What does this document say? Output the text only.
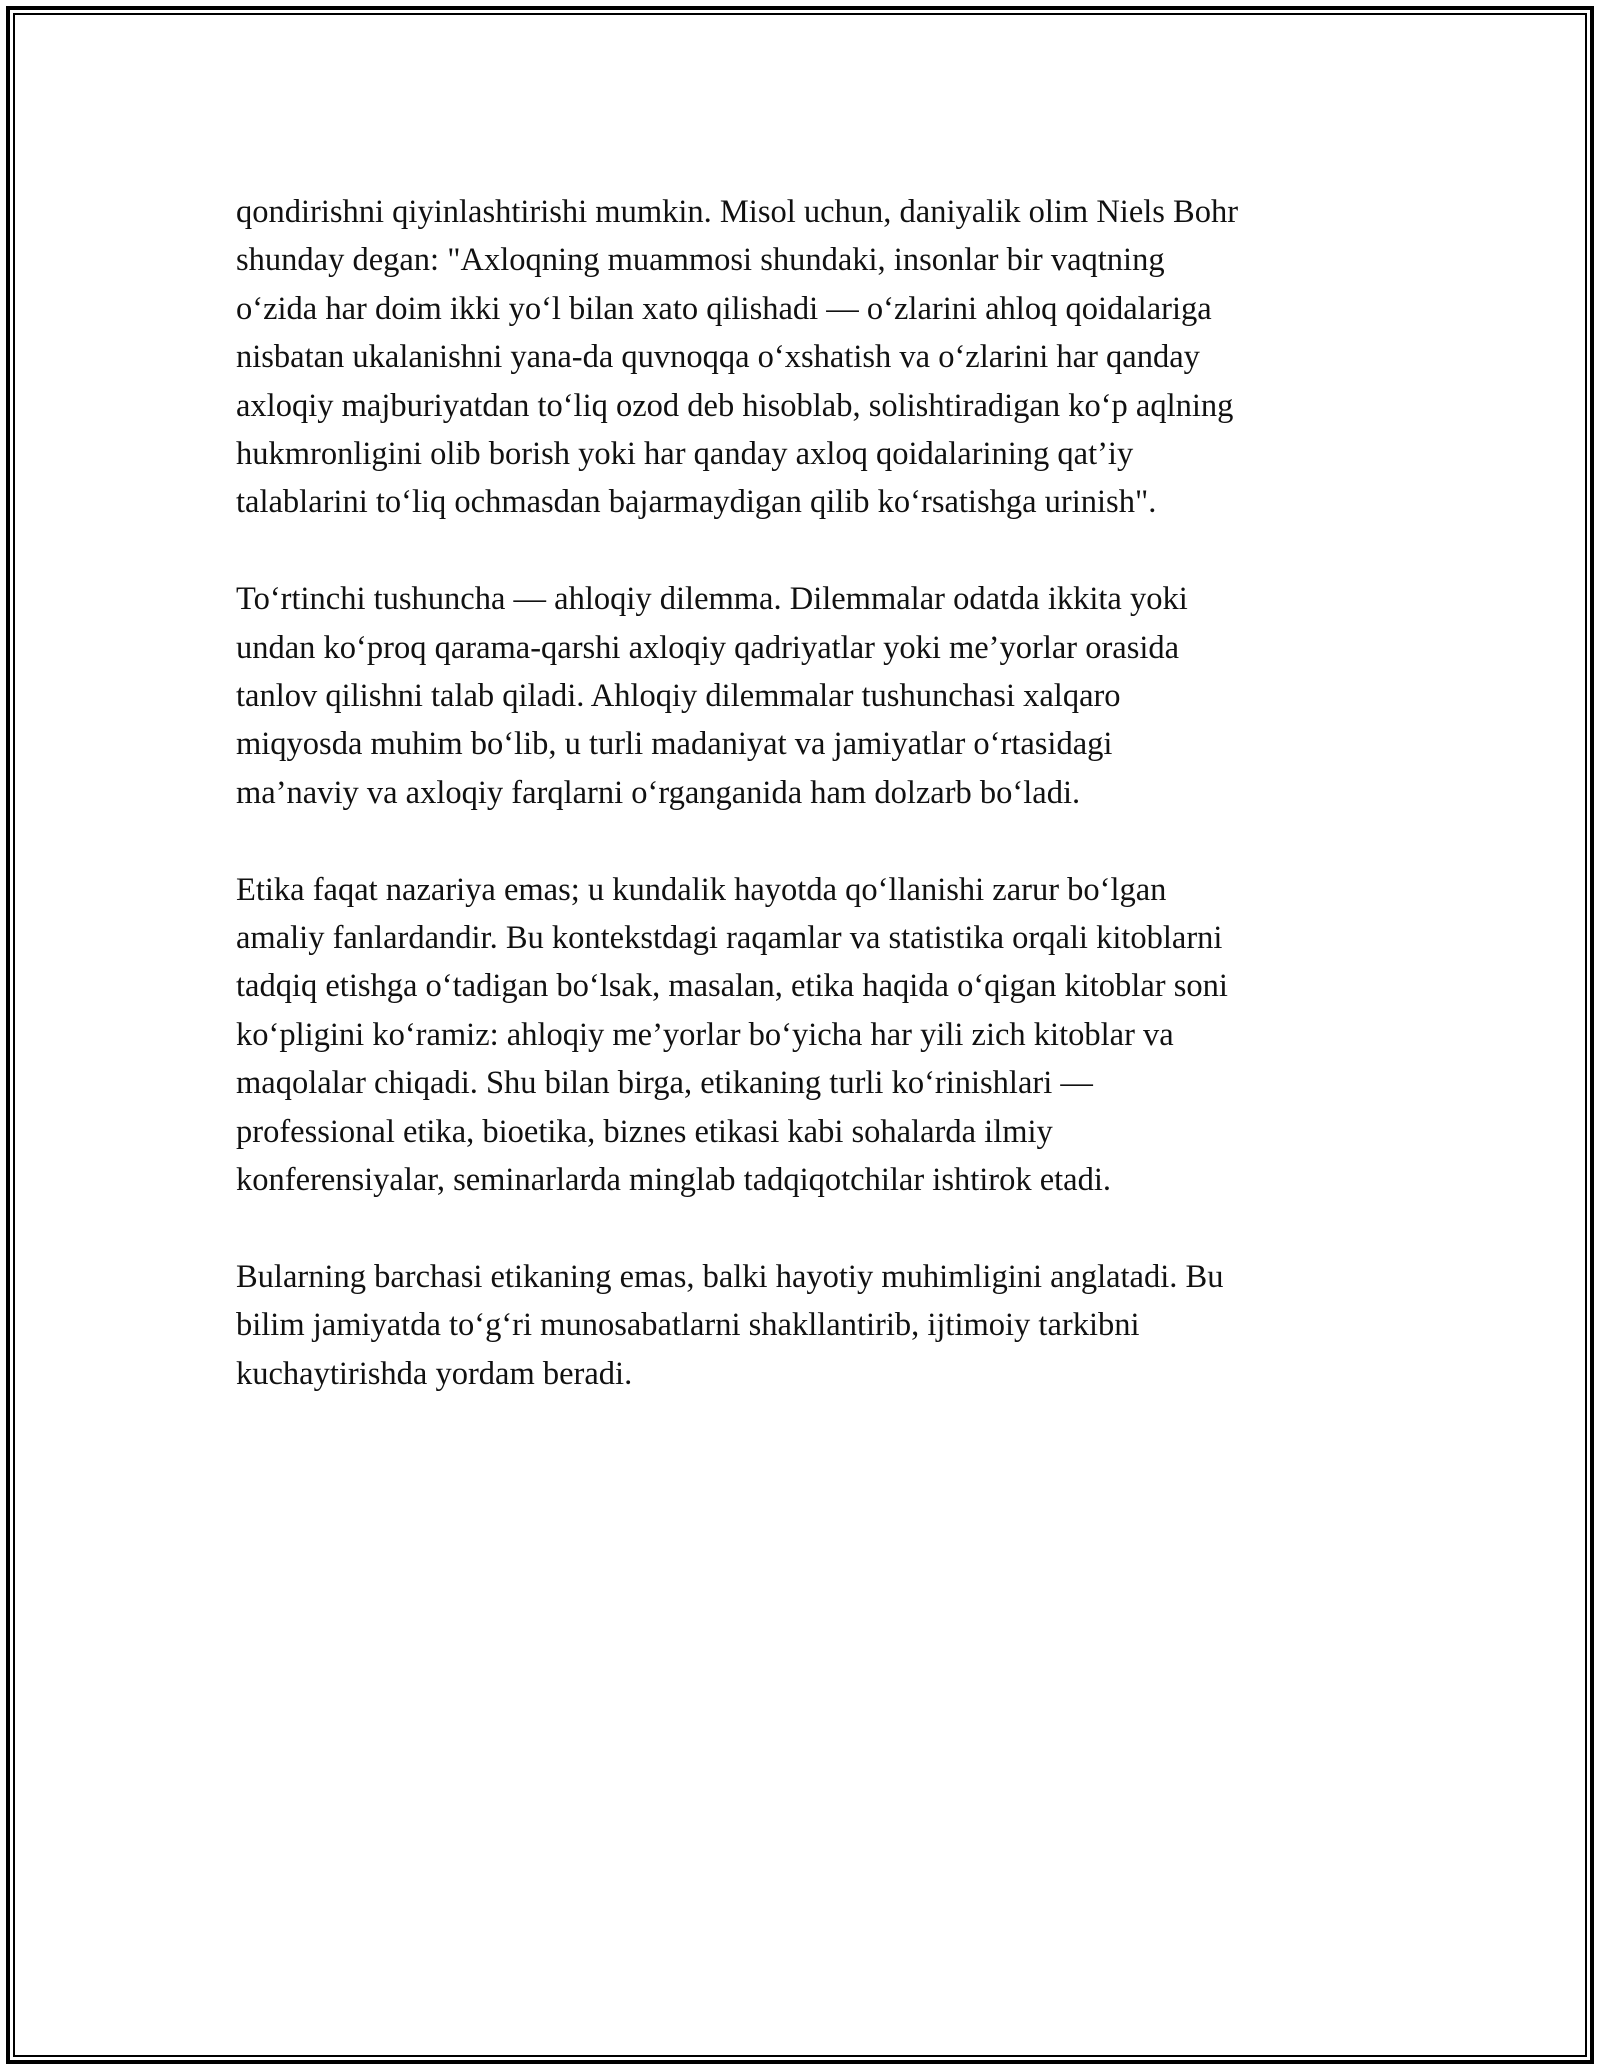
qondirishni qiyinlashtirishi mumkin. Misol uchun, daniyalik olim Niels Bohr
shunday degan: "Axloqning muammosi shundaki, insonlar bir vaqtning
o‘zida har doim ikki yo‘l bilan xato qilishadi — o‘zlarini ahloq qoidalariga
nisbatan ukalanishni yana-da quvnoqqa o‘xshatish va o‘zlarini har qanday
axloqiy majburiyatdan to‘liq ozod deb hisoblab, solishtiradigan ko‘p aqlning
hukmronligini olib borish yoki har qanday axloq qoidalarining qat’iy
talablarini to‘liq ochmasdan bajarmaydigan qilib ko‘rsatishga urinish".

To‘rtinchi tushuncha — ahloqiy dilemma. Dilemmalar odatda ikkita yoki
undan ko‘proq qarama-qarshi axloqiy qadriyatlar yoki me’yorlar orasida
tanlov qilishni talab qiladi. Ahloqiy dilemmalar tushunchasi xalqaro
miqyosda muhim bo‘lib, u turli madaniyat va jamiyatlar o‘rtasidagi
ma’naviy va axloqiy farqlarni o‘rganganida ham dolzarb bo‘ladi.

Etika faqat nazariya emas; u kundalik hayotda qo‘llanishi zarur bo‘lgan
amaliy fanlardandir. Bu kontekstdagi raqamlar va statistika orqali kitoblarni
tadqiq etishga o‘tadigan bo‘lsak, masalan, etika haqida o‘qigan kitoblar soni
ko‘pligini ko‘ramiz: ahloqiy me’yorlar bo‘yicha har yili zich kitoblar va
maqolalar chiqadi. Shu bilan birga, etikaning turli ko‘rinishlari —
professional etika, bioetika, biznes etikasi kabi sohalarda ilmiy
konferensiyalar, seminarlarda minglab tadqiqotchilar ishtirok etadi.

Bularning barchasi etikaning emas, balki hayotiy muhimligini anglatadi. Bu
bilim jamiyatda to‘g‘ri munosabatlarni shakllantirib, ijtimoiy tarkibni
kuchaytirishda yordam beradi.
